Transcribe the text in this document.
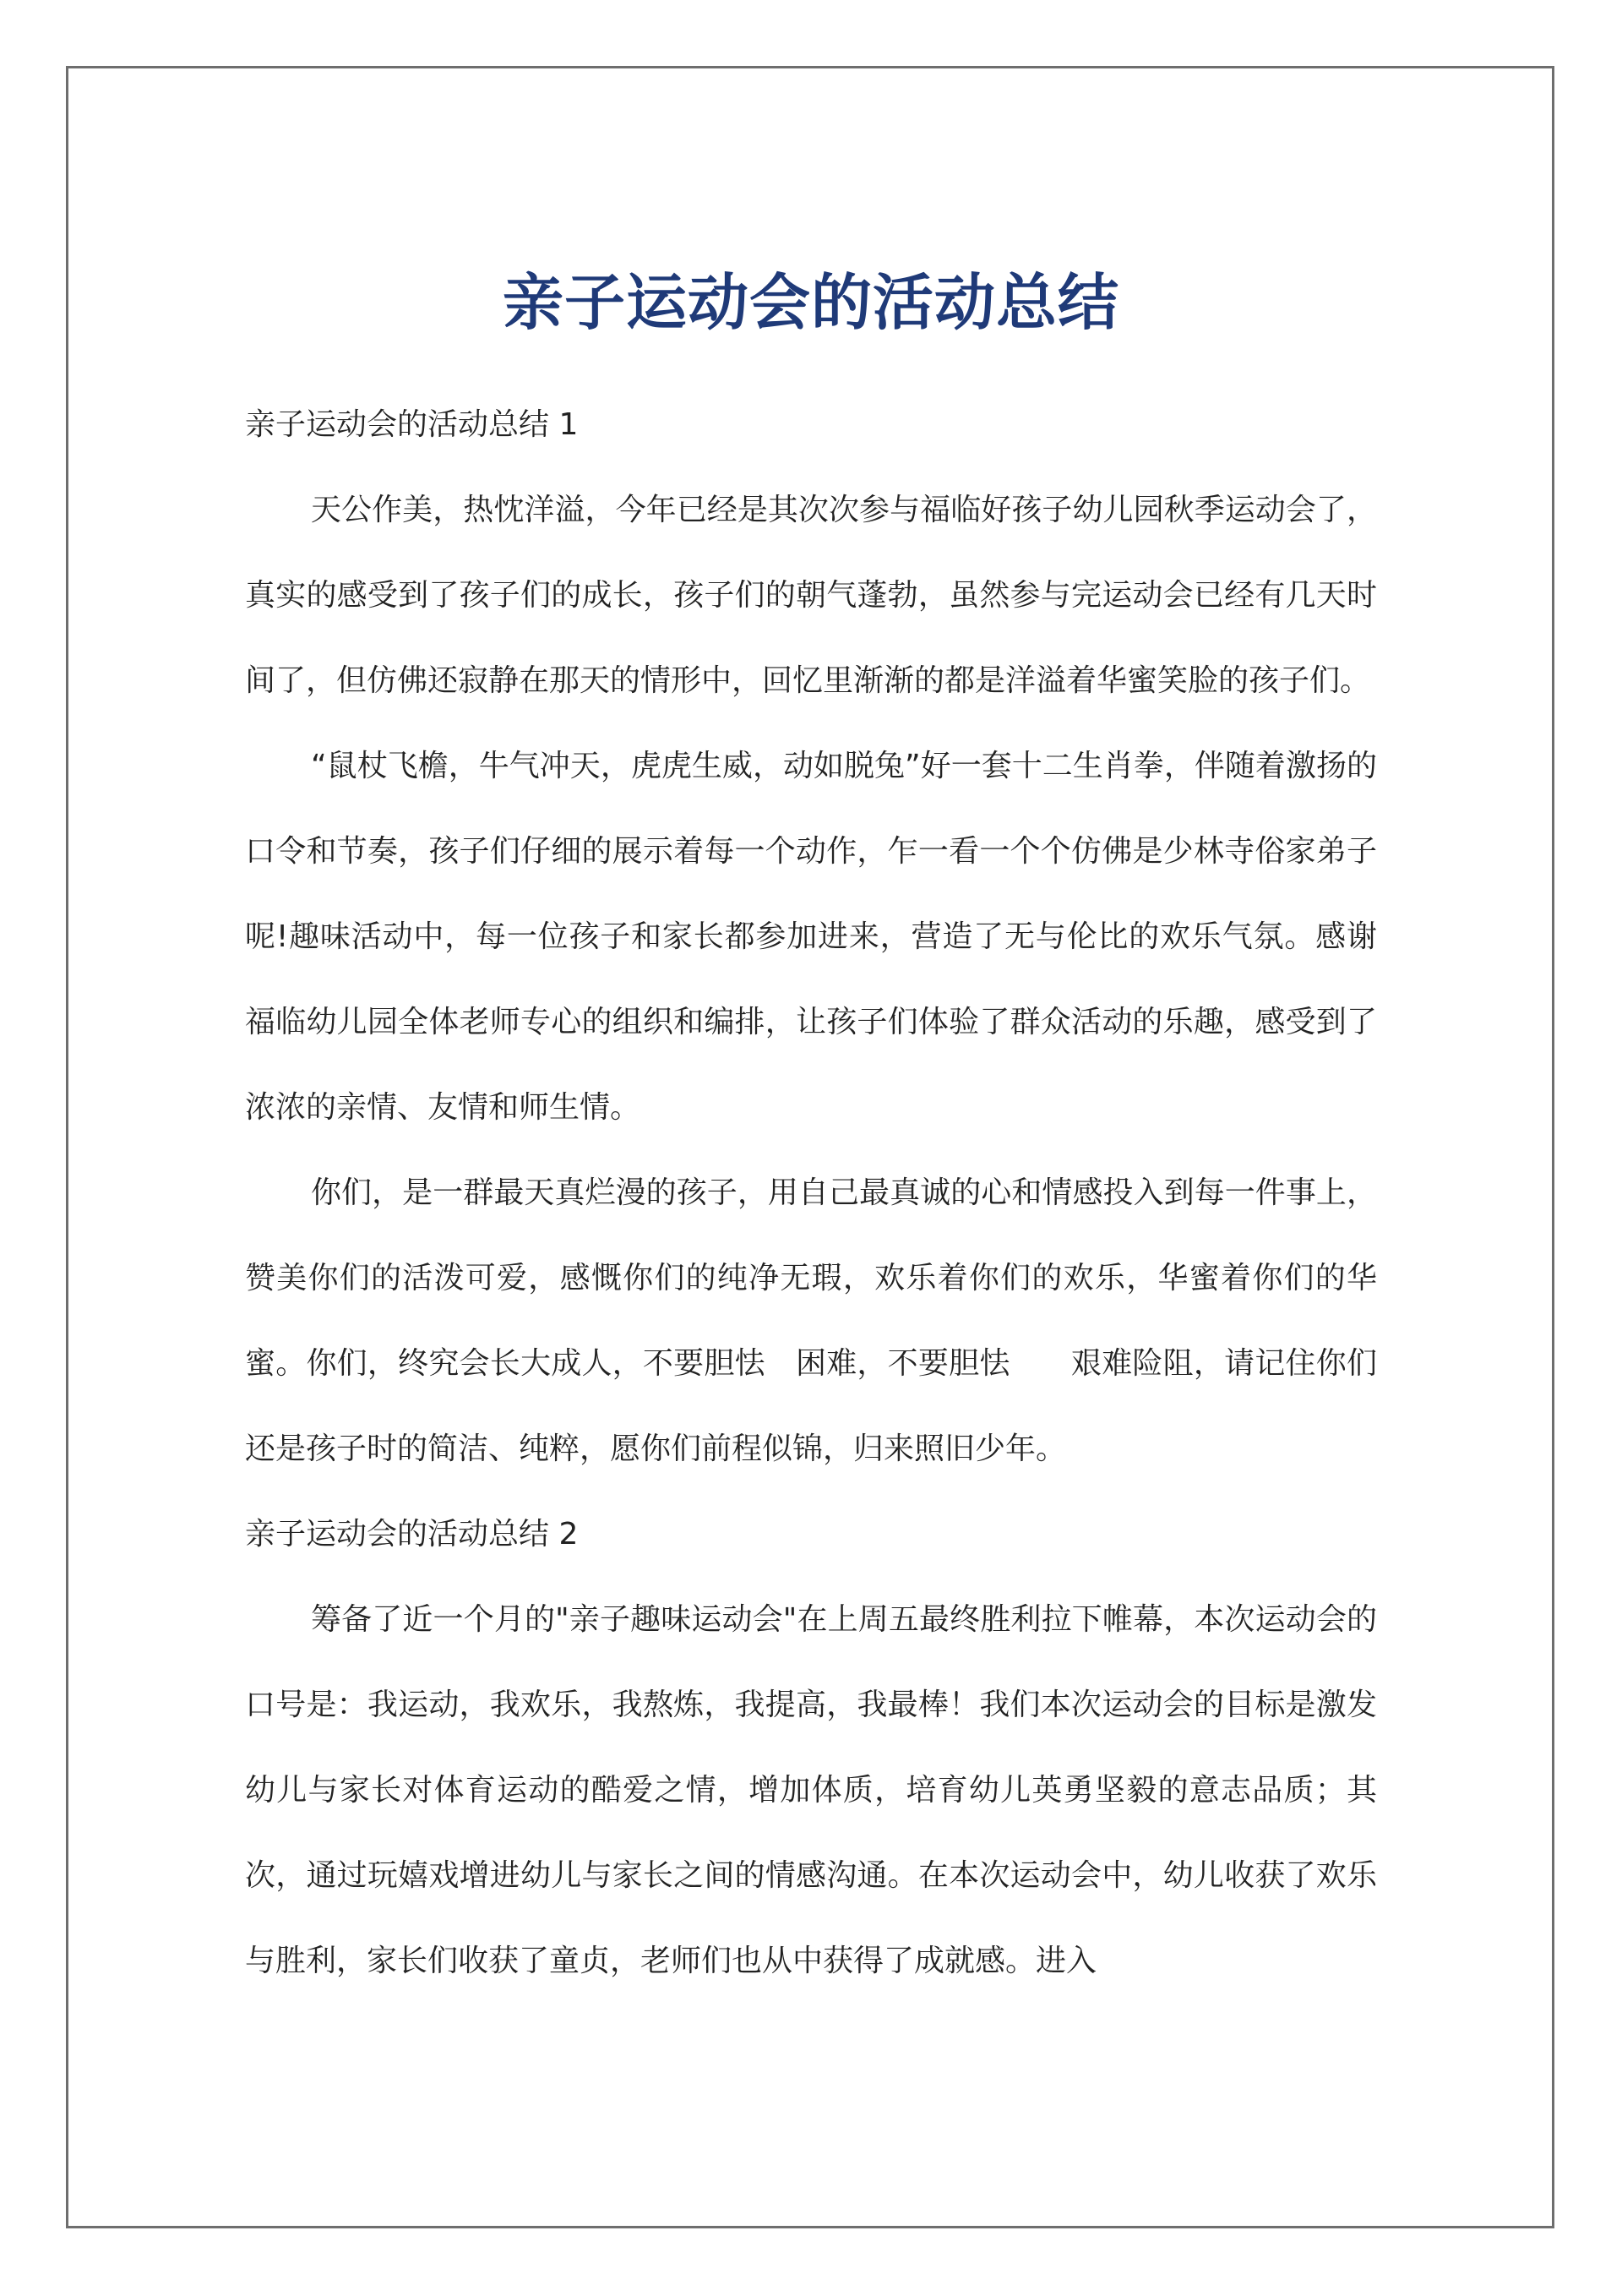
亲子运动会的活动总结

亲子运动会的活动总结 1

天公作美，热忱洋溢，今年已经是其次次参与福临好孩子幼儿园秋季运动会了，真实的感受到了孩子们的成长，孩子们的朝气蓬勃，虽然参与完运动会已经有几天时间了，但仿佛还寂静在那天的情形中，回忆里渐渐的都是洋溢着华蜜笑脸的孩子们。

“鼠杖飞檐，牛气冲天，虎虎生威，动如脱兔”好一套十二生肖拳，伴随着激扬的口令和节奏，孩子们仔细的展示着每一个动作，乍一看一个个仿佛是少林寺俗家弟子呢!趣味活动中，每一位孩子和家长都参加进来，营造了无与伦比的欢乐气氛。感谢福临幼儿园全体老师专心的组织和编排，让孩子们体验了群众活动的乐趣，感受到了浓浓的亲情、友情和师生情。

你们，是一群最天真烂漫的孩子，用自己最真诚的心和情感投入到每一件事上，赞美你们的活泼可爱，感慨你们的纯净无瑕，欢乐着你们的欢乐，华蜜着你们的华蜜。你们，终究会长大成人，不要胆怯　困难，不要胆怯　　艰难险阻，请记住你们还是孩子时的简洁、纯粹，愿你们前程似锦，归来照旧少年。

亲子运动会的活动总结 2

筹备了近一个月的"亲子趣味运动会"在上周五最终胜利拉下帷幕，本次运动会的口号是：我运动，我欢乐，我熬炼，我提高，我最棒！我们本次运动会的目标是激发幼儿与家长对体育运动的酷爱之情，增加体质，培育幼儿英勇坚毅的意志品质；其次，通过玩嬉戏增进幼儿与家长之间的情感沟通。在本次运动会中，幼儿收获了欢乐与胜利，家长们收获了童贞，老师们也从中获得了成就感。进入
